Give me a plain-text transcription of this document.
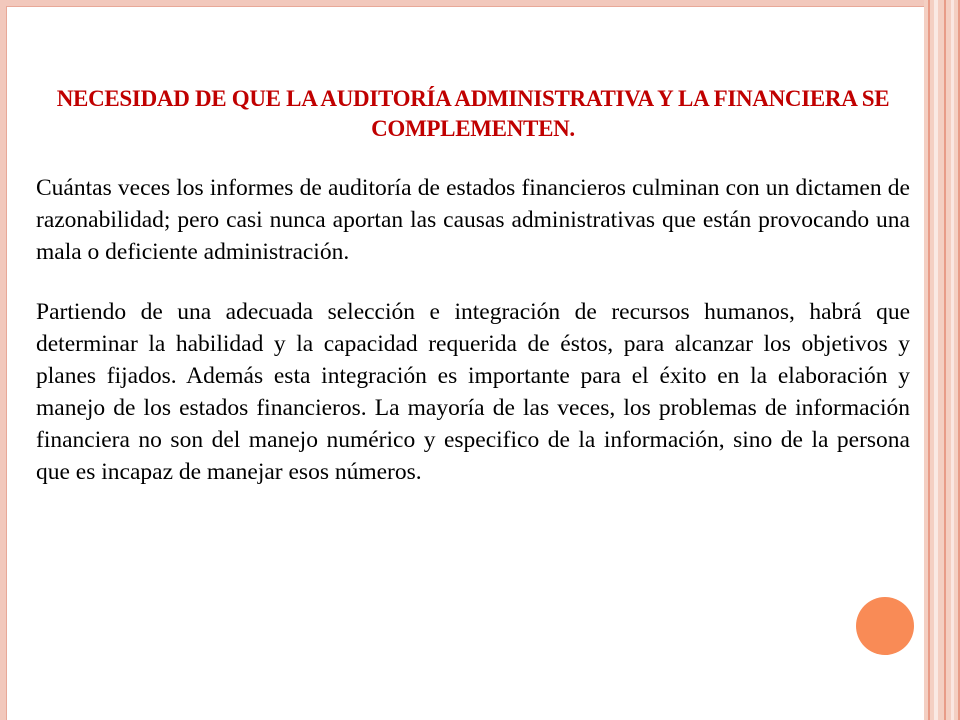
NECESIDAD DE QUE LA AUDITORÍA ADMINISTRATIVA Y LA FINANCIERA SE COMPLEMENTEN.

Cuántas veces los informes de auditoría de estados financieros culminan con un dictamen de razonabilidad; pero casi nunca aportan las causas administrativas que están provocando una mala o deficiente administración.

Partiendo de una adecuada selección e integración de recursos humanos, habrá que determinar la habilidad y la capacidad requerida de éstos, para alcanzar los objetivos y planes fijados. Además esta integración es importante para el éxito en la elaboración y manejo de los estados financieros. La mayoría de las veces, los problemas de información financiera no son del manejo numérico y especifico de la información, sino de la persona que es incapaz de manejar esos números.
